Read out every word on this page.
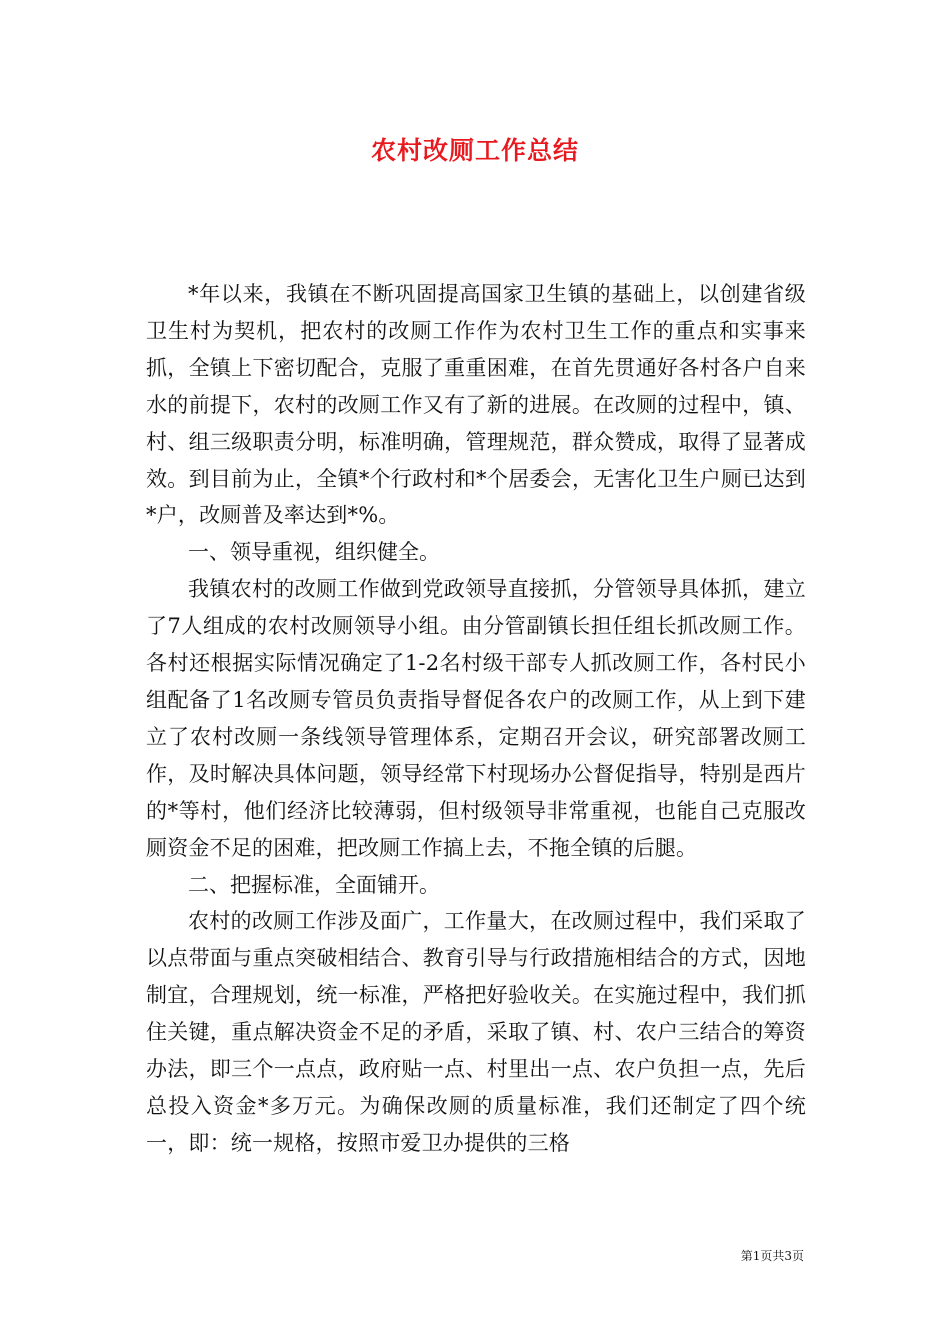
农村改厕工作总结

*年以来，我镇在不断巩固提高国家卫生镇的基础上，以创建省级卫生村为契机，把农村的改厕工作作为农村卫生工作的重点和实事来抓，全镇上下密切配合，克服了重重困难，在首先贯通好各村各户自来水的前提下，农村的改厕工作又有了新的进展。在改厕的过程中，镇、村、组三级职责分明，标准明确，管理规范，群众赞成，取得了显著成效。到目前为止，全镇*个行政村和*个居委会，无害化卫生户厕已达到*户，改厕普及率达到*%。

一、领导重视，组织健全。

我镇农村的改厕工作做到党政领导直接抓，分管领导具体抓，建立了7人组成的农村改厕领导小组。由分管副镇长担任组长抓改厕工作。各村还根据实际情况确定了1-2名村级干部专人抓改厕工作，各村民小组配备了1名改厕专管员负责指导督促各农户的改厕工作，从上到下建立了农村改厕一条线领导管理体系，定期召开会议，研究部署改厕工作，及时解决具体问题，领导经常下村现场办公督促指导，特别是西片的*等村，他们经济比较薄弱，但村级领导非常重视，也能自己克服改厕资金不足的困难，把改厕工作搞上去，不拖全镇的后腿。

二、把握标准，全面铺开。

农村的改厕工作涉及面广，工作量大，在改厕过程中，我们采取了以点带面与重点突破相结合、教育引导与行政措施相结合的方式，因地制宜，合理规划，统一标准，严格把好验收关。在实施过程中，我们抓住关键，重点解决资金不足的矛盾，采取了镇、村、农户三结合的筹资办法，即三个一点点，政府贴一点、村里出一点、农户负担一点，先后总投入资金*多万元。为确保改厕的质量标准，我们还制定了四个统一，即：统一规格，按照市爱卫办提供的三格

第1页共3页
